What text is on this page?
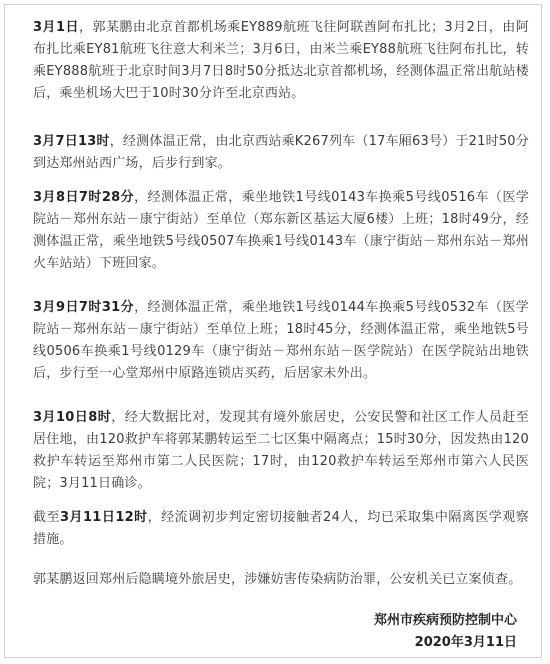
3月1日，郭某鹏由北京首都机场乘EY889航班飞往阿联酋阿布扎比；3月2日，由阿布扎比乘EY81航班飞往意大利米兰；3月6日，由米兰乘EY88航班飞往阿布扎比，转乘EY888航班于北京时间3月7日8时50分抵达北京首都机场，经测体温正常出航站楼后，乘坐机场大巴于10时30分许至北京西站。

3月7日13时，经测体温正常，由北京西站乘K267列车（17车厢63号）于21时50分到达郑州站西广场，后步行到家。

3月8日7时28分，经测体温正常，乘坐地铁1号线0143车换乘5号线0516车（医学院站－郑州东站－康宁街站）至单位（郑东新区基运大厦6楼）上班；18时49分，经测体温正常，乘坐地铁5号线0507车换乘1号线0143车（康宁街站－郑州东站－郑州火车站站）下班回家。

3月9日7时31分，经测体温正常，乘坐地铁1号线0144车换乘5号线0532车（医学院站－郑州东站－康宁街站）至单位上班；18时45分，经测体温正常，乘坐地铁5号线0506车换乘1号线0129车（康宁街站－郑州东站－医学院站）在医学院站出地铁后，步行至一心堂郑州中原路连锁店买药，后居家未外出。

3月10日8时，经大数据比对，发现其有境外旅居史，公安民警和社区工作人员赶至居住地，由120救护车将郭某鹏转运至二七区集中隔离点；15时30分，因发热由120救护车转运至郑州市第二人民医院；17时，由120救护车转运至郑州市第六人民医院；3月11日确诊。

截至3月11日12时，经流调初步判定密切接触者24人，均已采取集中隔离医学观察措施。

郭某鹏返回郑州后隐瞒境外旅居史，涉嫌妨害传染病防治罪，公安机关已立案侦查。

郑州市疾病预防控制中心
2020年3月11日
